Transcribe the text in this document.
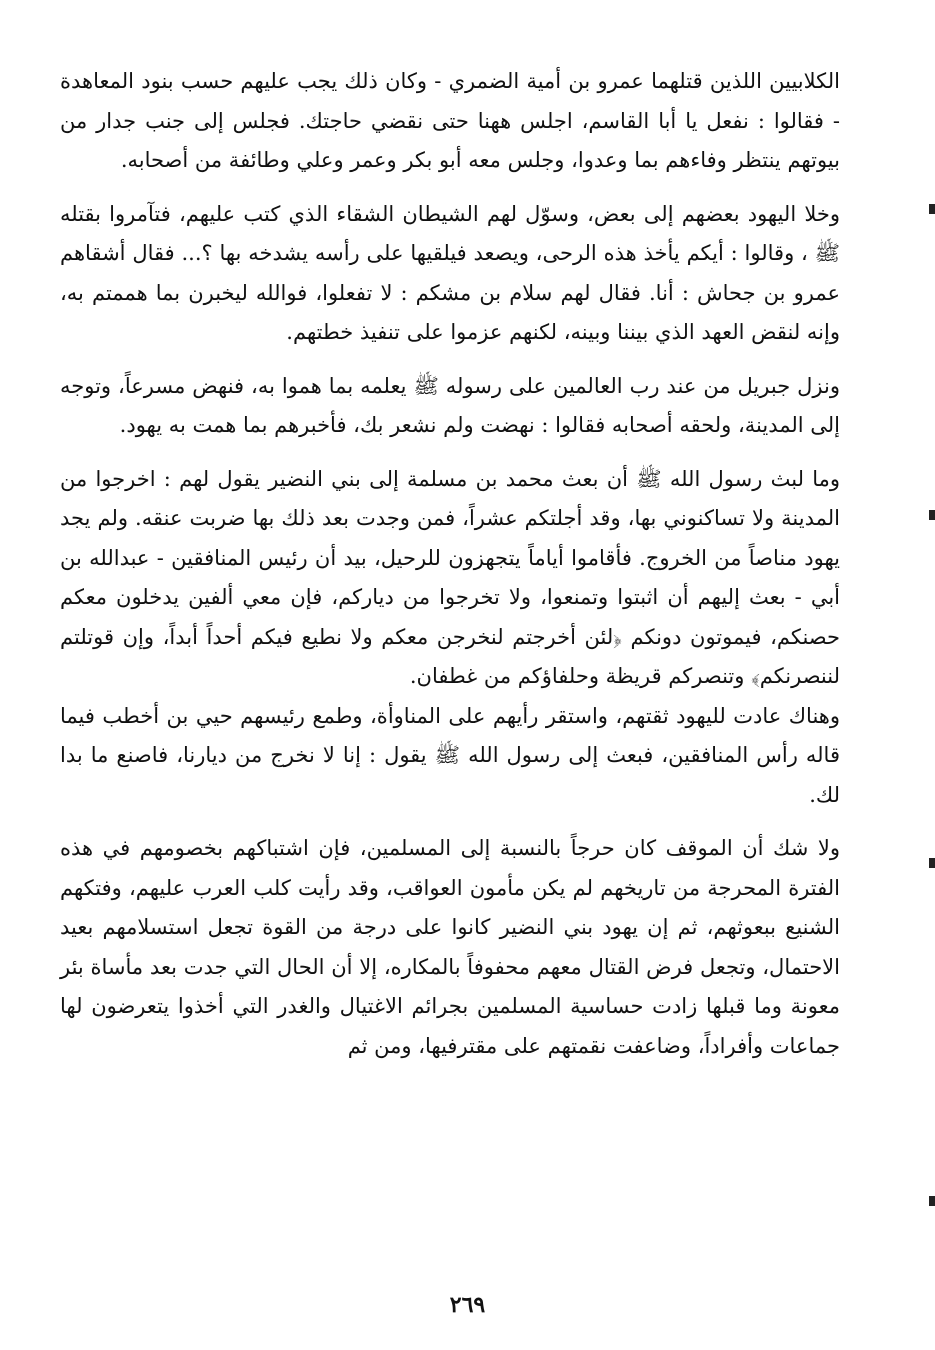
الكلابيين اللذين قتلهما عمرو بن أمية الضمري - وكان ذلك يجب عليهم حسب بنود المعاهدة - فقالوا : نفعل يا أبا القاسم، اجلس ههنا حتى نقضي حاجتك. فجلس إلى جنب جدار من بيوتهم ينتظر وفاءهم بما وعدوا، وجلس معه أبو بكر وعمر وعلي وطائفة من أصحابه.

وخلا اليهود بعضهم إلى بعض، وسوّل لهم الشيطان الشقاء الذي كتب عليهم، فتآمروا بقتله ﷺ ، وقالوا : أيكم يأخذ هذه الرحى، ويصعد فيلقيها على رأسه يشدخه بها ؟... فقال أشقاهم عمرو بن جحاش : أنا. فقال لهم سلام بن مشكم : لا تفعلوا، فوالله ليخبرن بما هممتم به، وإنه لنقض العهد الذي بيننا وبينه، لكنهم عزموا على تنفيذ خطتهم.

ونزل جبريل من عند رب العالمين على رسوله ﷺ يعلمه بما هموا به، فنهض مسرعاً، وتوجه إلى المدينة، ولحقه أصحابه فقالوا : نهضت ولم نشعر بك، فأخبرهم بما همت به يهود.

وما لبث رسول الله ﷺ أن بعث محمد بن مسلمة إلى بني النضير يقول لهم : اخرجوا من المدينة ولا تساكنوني بها، وقد أجلتكم عشراً، فمن وجدت بعد ذلك بها ضربت عنقه. ولم يجد يهود مناصاً من الخروج. فأقاموا أياماً يتجهزون للرحيل، بيد أن رئيس المنافقين - عبدالله بن أبي - بعث إليهم أن اثبتوا وتمنعوا، ولا تخرجوا من دياركم، فإن معي ألفين يدخلون معكم حصنكم، فيموتون دونكم ﴿لئن أخرجتم لنخرجن معكم ولا نطيع فيكم أحداً أبداً، وإن قوتلتم لننصرنكم﴾ وتنصركم قريظة وحلفاؤكم من غطفان.

وهناك عادت لليهود ثقتهم، واستقر رأيهم على المناوأة، وطمع رئيسهم حيي بن أخطب فيما قاله رأس المنافقين، فبعث إلى رسول الله ﷺ يقول : إنا لا نخرج من ديارنا، فاصنع ما بدا لك.

ولا شك أن الموقف كان حرجاً بالنسبة إلى المسلمين، فإن اشتباكهم بخصومهم في هذه الفترة المحرجة من تاريخهم لم يكن مأمون العواقب، وقد رأيت كلب العرب عليهم، وفتكهم الشنيع ببعوثهم، ثم إن يهود بني النضير كانوا على درجة من القوة تجعل استسلامهم بعيد الاحتمال، وتجعل فرض القتال معهم محفوفاً بالمكاره، إلا أن الحال التي جدت بعد مأساة بئر معونة وما قبلها زادت حساسية المسلمين بجرائم الاغتيال والغدر التي أخذوا يتعرضون لها جماعات وأفراداً، وضاعفت نقمتهم على مقترفيها، ومن ثم

٢٦٩
